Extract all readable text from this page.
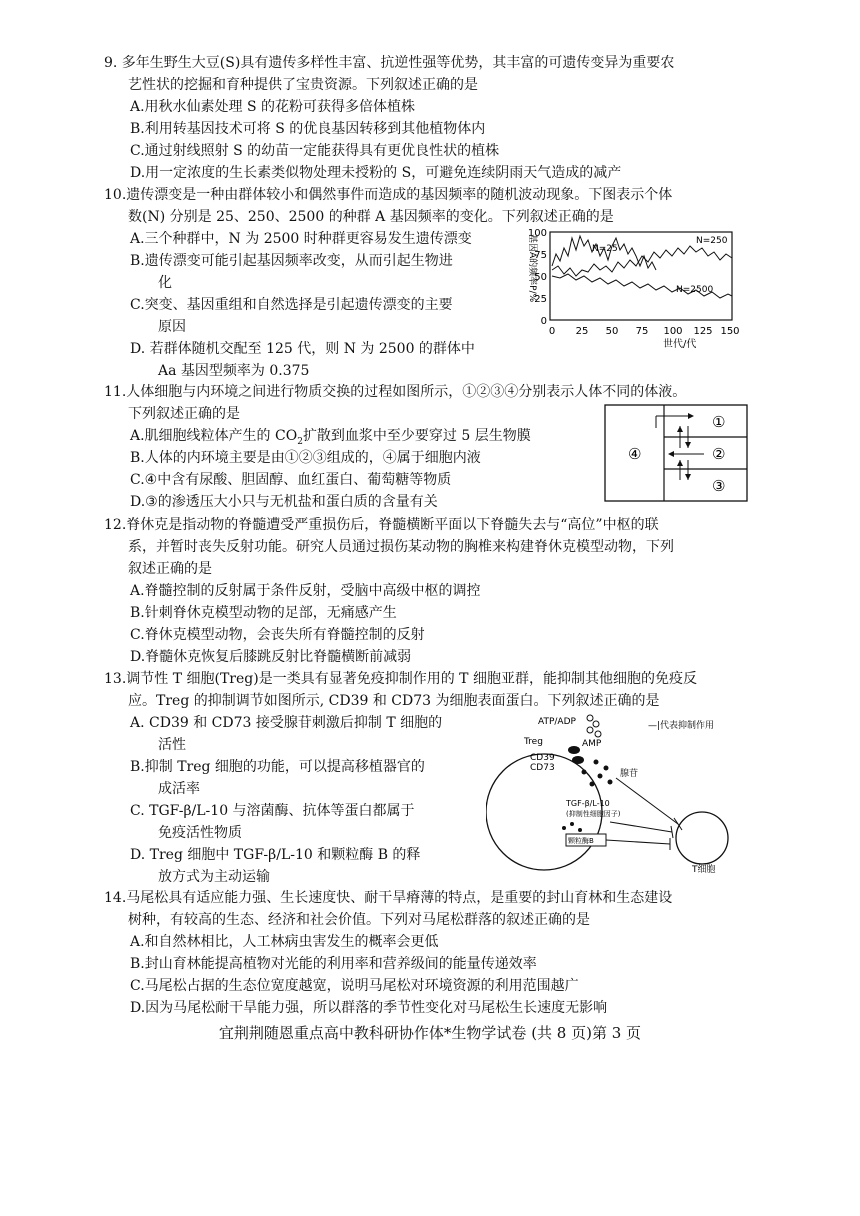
9. 多年生野生大豆(S)具有遗传多样性丰富、抗逆性强等优势，其丰富的可遗传变异为重要农
艺性状的挖掘和育种提供了宝贵资源。下列叙述正确的是
A.用秋水仙素处理 S 的花粉可获得多倍体植株
B.利用转基因技术可将 S 的优良基因转移到其他植物体内
C.通过射线照射 S 的幼苗一定能获得具有更优良性状的植株
D.用一定浓度的生长素类似物处理未授粉的 S，可避免连续阴雨天气造成的减产
10.遗传漂变是一种由群体较小和偶然事件而造成的基因频率的随机波动现象。下图表示个体
数(N) 分别是 25、250、2500 的种群 A 基因频率的变化。下列叙述正确的是
A.三个种群中，N 为 2500 时种群更容易发生遗传漂变
B.遗传漂变可能引起基因频率改变，从而引起生物进
化
C.突变、基因重组和自然选择是引起遗传漂变的主要
原因
D. 若群体随机交配至 125 代，则 N 为 2500 的群体中
Aa 基因型频率为 0.375
基因A的频率P/%
100
75
50
25
0
0 25 50 75 100 125 150
世代/代
N=25
N=250
N=2500
11.人体细胞与内环境之间进行物质交换的过程如图所示，①②③④分别表示人体不同的体液。
下列叙述正确的是
A.肌细胞线粒体产生的 $CO_2$扩散到血浆中至少要穿过 5 层生物膜
B.人体的内环境主要是由①②③组成的，④属于细胞内液
C.④中含有尿酸、胆固醇、血红蛋白、葡萄糖等物质
D.③的渗透压大小只与无机盐和蛋白质的含量有关
④
①
②
③
12.脊休克是指动物的脊髓遭受严重损伤后，脊髓横断平面以下脊髓失去与“高位”中枢的联
系，并暂时丧失反射功能。研究人员通过损伤某动物的胸椎来构建脊休克模型动物，下列
叙述正确的是
A.脊髓控制的反射属于条件反射，受脑中高级中枢的调控
B.针刺脊休克模型动物的足部，无痛感产生
C.脊休克模型动物，会丧失所有脊髓控制的反射
D.脊髓休克恢复后膝跳反射比脊髓横断前减弱
13.调节性 T 细胞(Treg)是一类具有显著免疫抑制作用的 T 细胞亚群，能抑制其他细胞的免疫反
应。Treg 的抑制调节如图所示, CD39 和 CD73 为细胞表面蛋白。下列叙述正确的是
A. CD39 和 CD73 接受腺苷刺激后抑制 T 细胞的
活性
B.抑制 Treg 细胞的功能，可以提高移植器官的
成活率
C. TGF-β/L-10 与溶菌酶、抗体等蛋白都属于
免疫活性物质
D. Treg 细胞中 TGF-β/L-10 和颗粒酶 B 的释
放方式为主动运输
ATP/ADP	—|代表抑制作用
Treg
CD39
CD73
AMP
腺苷
TGF-β/L-10
(抑制性细胞因子)
颗粒酶B
T细胞
14.马尾松具有适应能力强、生长速度快、耐干旱瘠薄的特点，是重要的封山育林和生态建设
树种，有较高的生态、经济和社会价值。下列对马尾松群落的叙述正确的是
A.和自然林相比，人工林病虫害发生的概率会更低
B.封山育林能提高植物对光能的利用率和营养级间的能量传递效率
C.马尾松占据的生态位宽度越宽，说明马尾松对环境资源的利用范围越广
D.因为马尾松耐干旱能力强，所以群落的季节性变化对马尾松生长速度无影响
宜荆荆随恩重点高中教科研协作体*生物学试卷 (共 8 页)第 3 页
